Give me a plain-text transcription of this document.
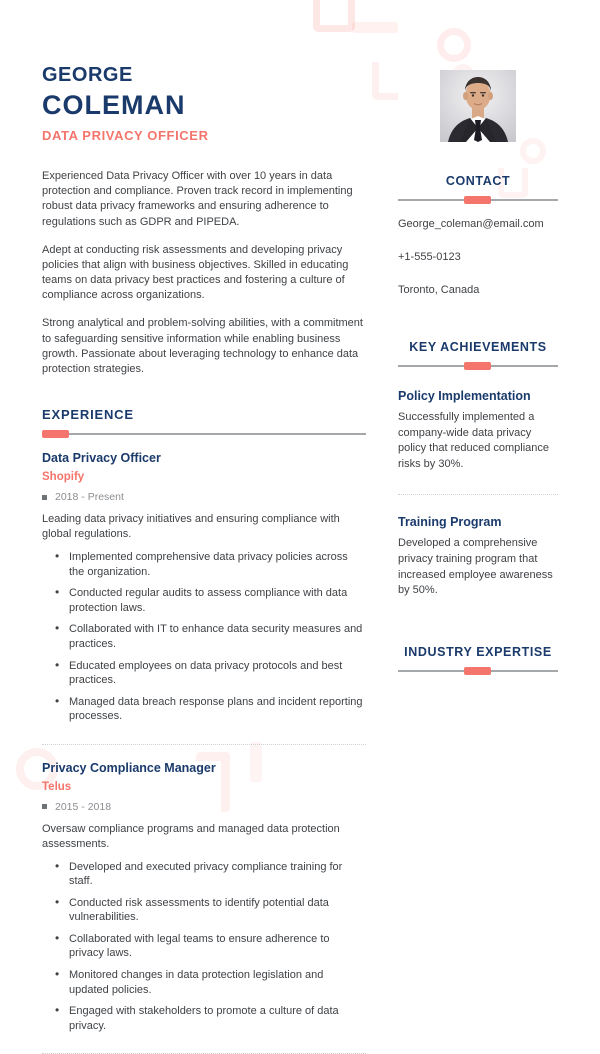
GEORGE
COLEMAN
DATA PRIVACY OFFICER

Experienced Data Privacy Officer with over 10 years in data protection and compliance. Proven track record in implementing robust data privacy frameworks and ensuring adherence to regulations such as GDPR and PIPEDA.

Adept at conducting risk assessments and developing privacy policies that align with business objectives. Skilled in educating teams on data privacy best practices and fostering a culture of compliance across organizations.

Strong analytical and problem-solving abilities, with a commitment to safeguarding sensitive information while enabling business growth. Passionate about leveraging technology to enhance data protection strategies.

EXPERIENCE
Data Privacy Officer
Shopify
2018 - Present

Leading data privacy initiatives and ensuring compliance with global regulations.

• Implemented comprehensive data privacy policies across the organization.
• Conducted regular audits to assess compliance with data protection laws.
• Collaborated with IT to enhance data security measures and practices.
• Educated employees on data privacy protocols and best practices.
• Managed data breach response plans and incident reporting processes.
Privacy Compliance Manager
Telus
2015 - 2018

Oversaw compliance programs and managed data protection assessments.

• Developed and executed privacy compliance training for staff.
• Conducted risk assessments to identify potential data vulnerabilities.
• Collaborated with legal teams to ensure adherence to privacy laws.
• Monitored changes in data protection legislation and updated policies.
• Engaged with stakeholders to promote a culture of data privacy.
CONTACT
George_coleman@email.com
+1-555-0123
Toronto, Canada
KEY ACHIEVEMENTS
Policy Implementation

Successfully implemented a company-wide data privacy policy that reduced compliance risks by 30%.

Training Program

Developed a comprehensive privacy training program that increased employee awareness by 50%.

INDUSTRY EXPERTISE
